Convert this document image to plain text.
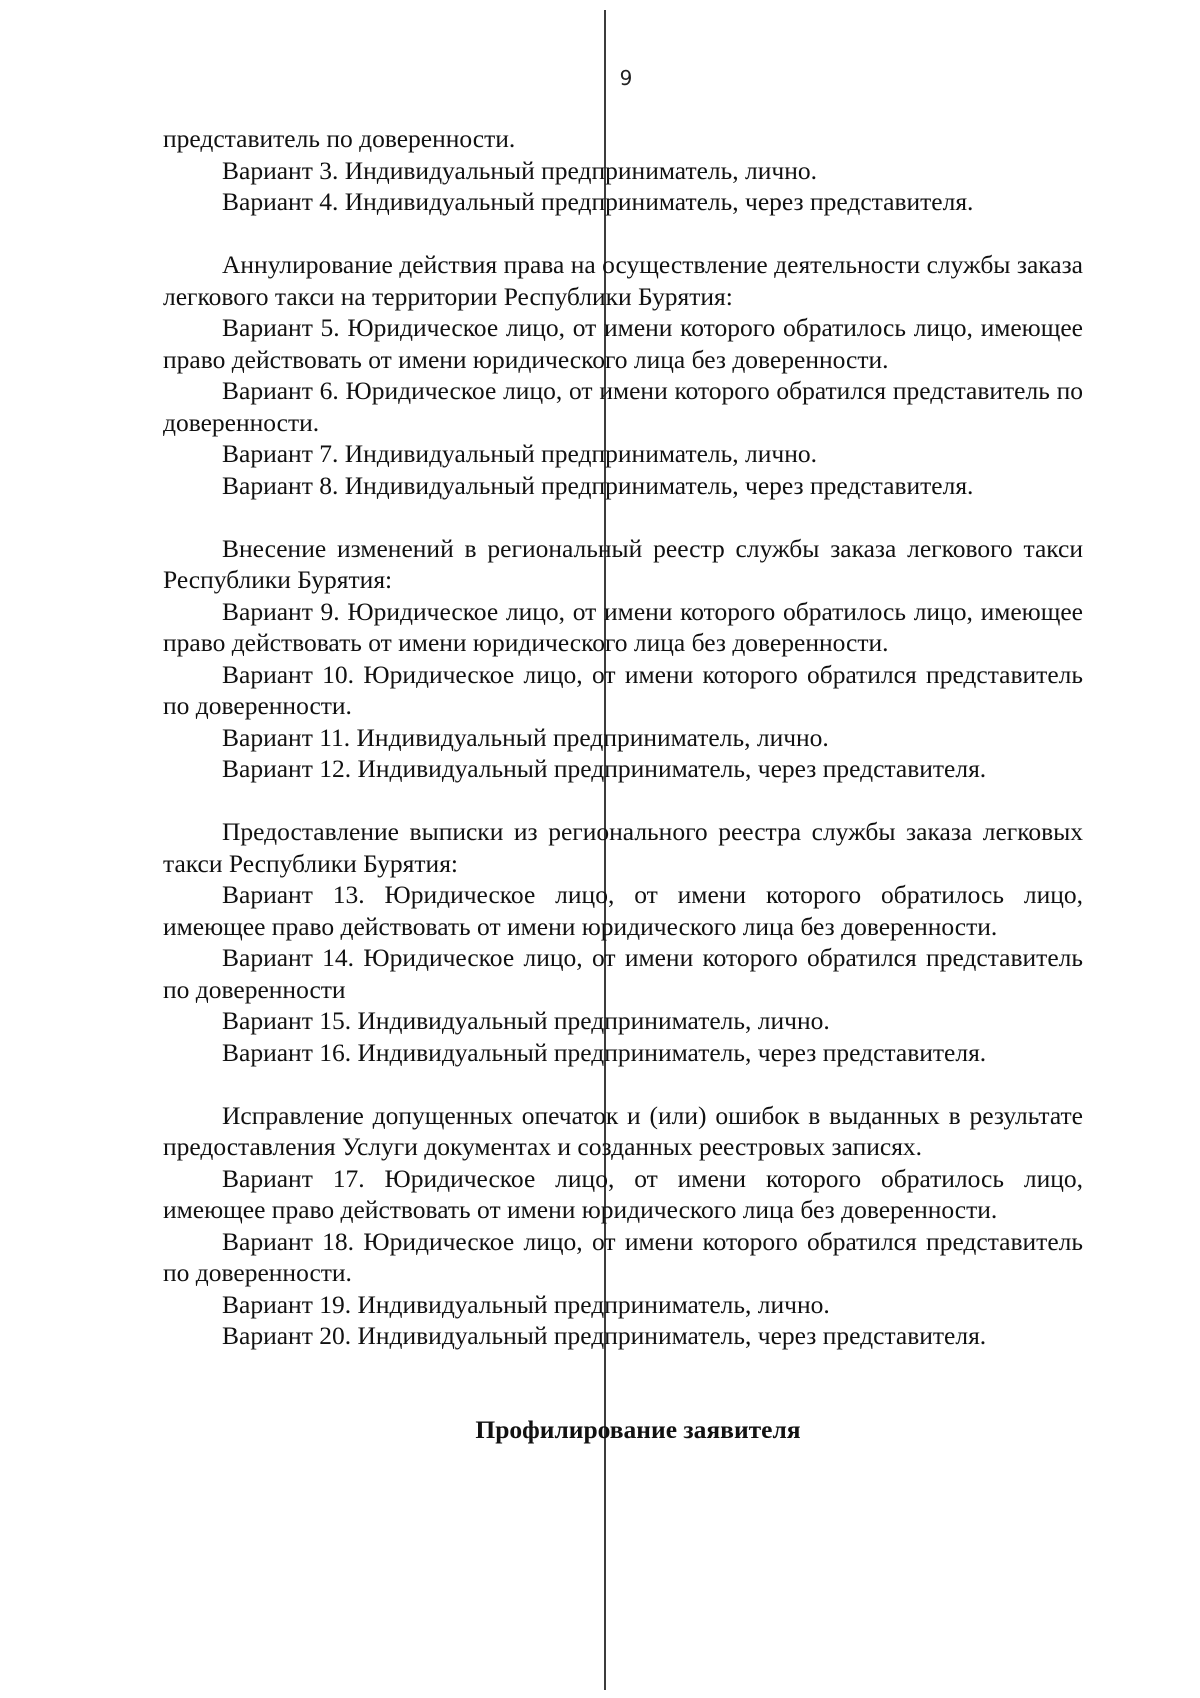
9

представитель по доверенности.

Вариант 3. Индивидуальный предприниматель, лично.

Вариант 4. Индивидуальный предприниматель, через представителя.

Аннулирование действия права на осуществление деятельности службы заказа легкового такси на территории Республики Бурятия:

Вариант 5. Юридическое лицо, от имени которого обратилось лицо, имеющее право действовать от имени юридического лица без доверенности.

Вариант 6. Юридическое лицо, от имени которого обратился представитель по доверенности.

Вариант 7. Индивидуальный предприниматель, лично.

Вариант 8. Индивидуальный предприниматель, через представителя.

Внесение изменений в региональный реестр службы заказа легкового такси Республики Бурятия:

Вариант 9. Юридическое лицо, от имени которого обратилось лицо, имеющее право действовать от имени юридического лица без доверенности.

Вариант 10. Юридическое лицо, от имени которого обратился представитель по доверенности.

Вариант 11. Индивидуальный предприниматель, лично.

Вариант 12. Индивидуальный предприниматель, через представителя.

Предоставление выписки из регионального реестра службы заказа легковых такси Республики Бурятия:

Вариант 13. Юридическое лицо, от имени которого обратилось лицо, имеющее право действовать от имени юридического лица без доверенности.

Вариант 14. Юридическое лицо, от имени которого обратился представитель по доверенности

Вариант 15. Индивидуальный предприниматель, лично.

Вариант 16. Индивидуальный предприниматель, через представителя.

Исправление допущенных опечаток и (или) ошибок в выданных в результате предоставления Услуги документах и созданных реестровых записях.

Вариант 17. Юридическое лицо, от имени которого обратилось лицо, имеющее право действовать от имени юридического лица без доверенности.

Вариант 18. Юридическое лицо, от имени которого обратился представитель по доверенности.

Вариант 19. Индивидуальный предприниматель, лично.

Вариант 20. Индивидуальный предприниматель, через представителя.

Профилирование заявителя
